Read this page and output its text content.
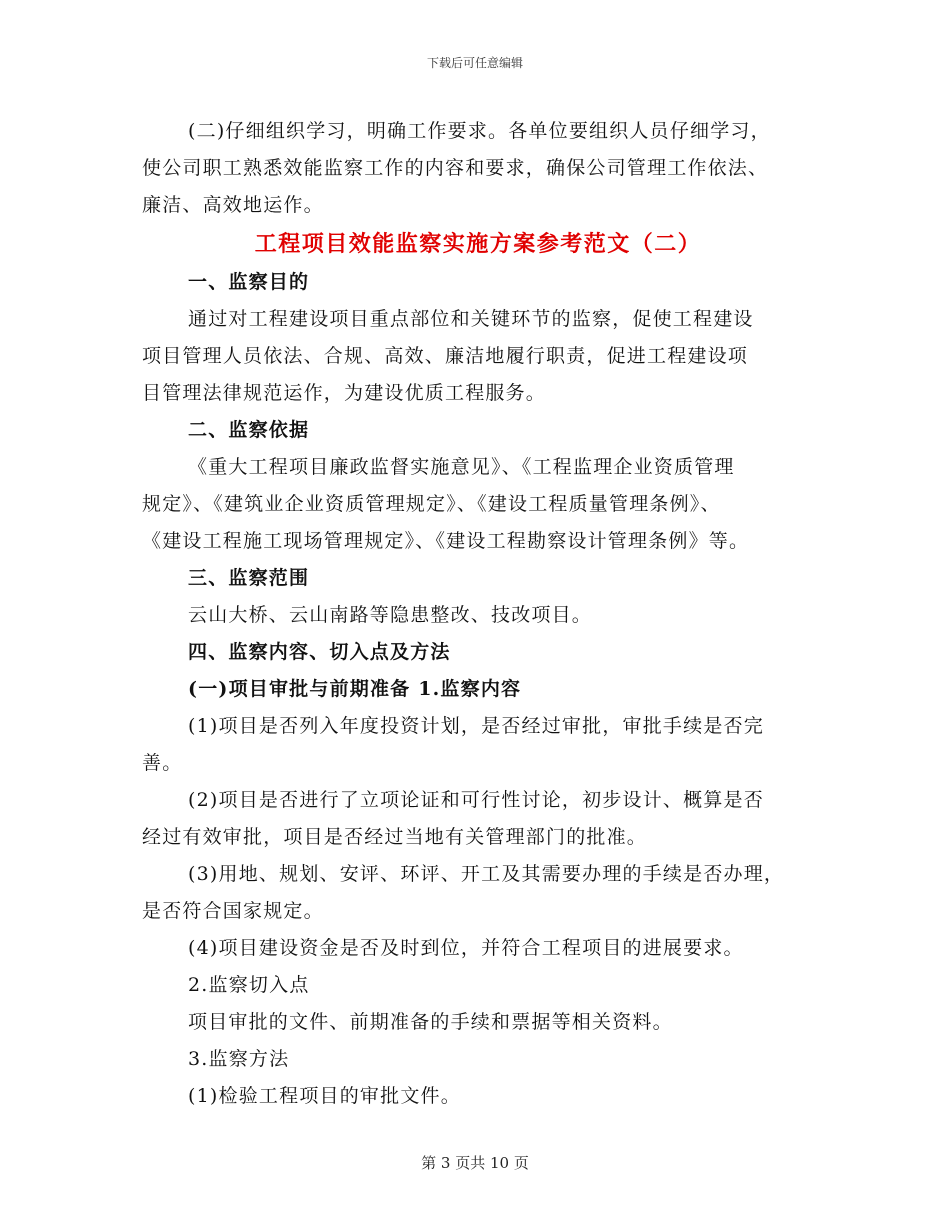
下载后可任意编辑
(二)仔细组织学习，明确工作要求。各单位要组织人员仔细学习，
使公司职工熟悉效能监察工作的内容和要求，确保公司管理工作依法、
廉洁、高效地运作。
工程项目效能监察实施方案参考范文（二）
一、监察目的
通过对工程建设项目重点部位和关键环节的监察，促使工程建设
项目管理人员依法、合规、高效、廉洁地履行职责，促进工程建设项
目管理法律规范运作，为建设优质工程服务。
二、监察依据
《重大工程项目廉政监督实施意见》、《工程监理企业资质管理
规定》、《建筑业企业资质管理规定》、《建设工程质量管理条例》、
《建设工程施工现场管理规定》、《建设工程勘察设计管理条例》等。
三、监察范围
云山大桥、云山南路等隐患整改、技改项目。
四、监察内容、切入点及方法
(一)项目审批与前期准备 1.监察内容
(1)项目是否列入年度投资计划，是否经过审批，审批手续是否完
善。
(2)项目是否进行了立项论证和可行性讨论，初步设计、概算是否
经过有效审批，项目是否经过当地有关管理部门的批准。
(3)用地、规划、安评、环评、开工及其需要办理的手续是否办理，
是否符合国家规定。
(4)项目建设资金是否及时到位，并符合工程项目的进展要求。
2.监察切入点
项目审批的文件、前期准备的手续和票据等相关资料。
3.监察方法
(1)检验工程项目的审批文件。
第 3 页共 10 页
